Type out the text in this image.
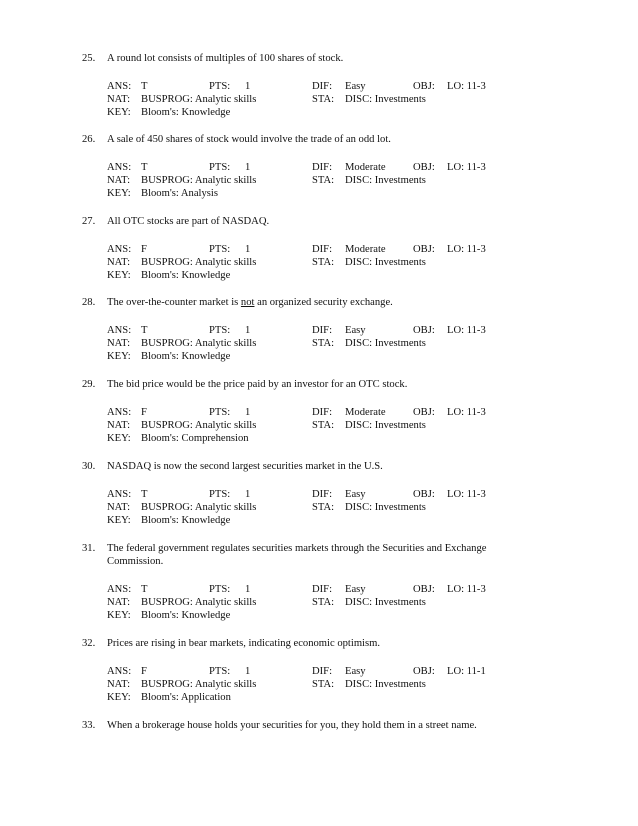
25. A round lot consists of multiples of 100 shares of stock.
ANS: T	PTS: 1	DIF: Easy	OBJ: LO: 11-3
NAT: BUSPROG: Analytic skills	STA: DISC: Investments
KEY: Bloom's: Knowledge
26. A sale of 450 shares of stock would involve the trade of an odd lot.
ANS: T	PTS: 1	DIF: Moderate	OBJ: LO: 11-3
NAT: BUSPROG: Analytic skills	STA: DISC: Investments
KEY: Bloom's: Analysis
27. All OTC stocks are part of NASDAQ.
ANS: F	PTS: 1	DIF: Moderate	OBJ: LO: 11-3
NAT: BUSPROG: Analytic skills	STA: DISC: Investments
KEY: Bloom's: Knowledge
28. The over-the-counter market is not an organized security exchange.
ANS: T	PTS: 1	DIF: Easy	OBJ: LO: 11-3
NAT: BUSPROG: Analytic skills	STA: DISC: Investments
KEY: Bloom's: Knowledge
29. The bid price would be the price paid by an investor for an OTC stock.
ANS: F	PTS: 1	DIF: Moderate	OBJ: LO: 11-3
NAT: BUSPROG: Analytic skills	STA: DISC: Investments
KEY: Bloom's: Comprehension
30. NASDAQ is now the second largest securities market in the U.S.
ANS: T	PTS: 1	DIF: Easy	OBJ: LO: 11-3
NAT: BUSPROG: Analytic skills	STA: DISC: Investments
KEY: Bloom's: Knowledge
31. The federal government regulates securities markets through the Securities and Exchange Commission.
ANS: T	PTS: 1	DIF: Easy	OBJ: LO: 11-3
NAT: BUSPROG: Analytic skills	STA: DISC: Investments
KEY: Bloom's: Knowledge
32. Prices are rising in bear markets, indicating economic optimism.
ANS: F	PTS: 1	DIF: Easy	OBJ: LO: 11-1
NAT: BUSPROG: Analytic skills	STA: DISC: Investments
KEY: Bloom's: Application
33. When a brokerage house holds your securities for you, they hold them in a street name.
